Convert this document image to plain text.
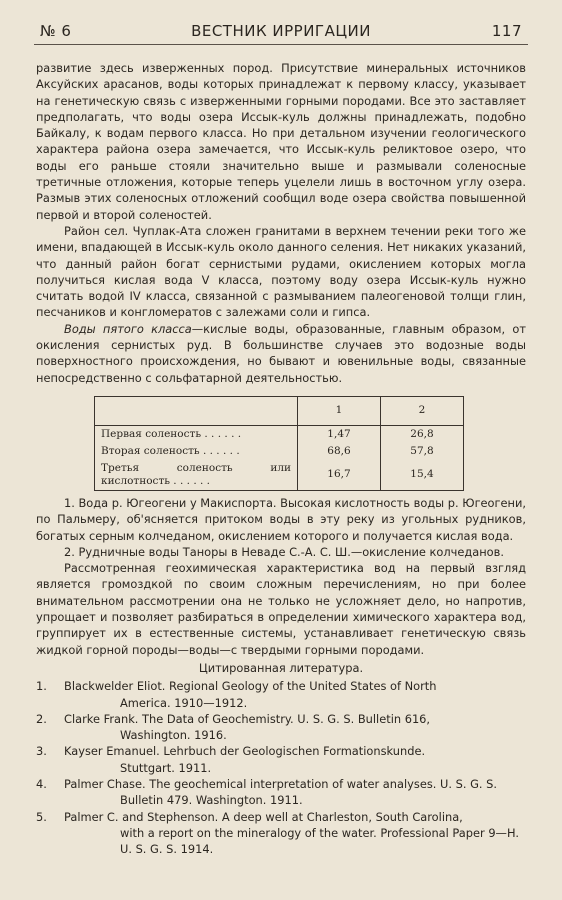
№ 6	ВЕСТНИК ИРРИГАЦИИ	117

развитие здесь изверженных пород. Присутствие минеральных источников Аксуйских арасанов, воды которых принадлежат к первому классу, указывает на генетическую связь с изверженными горными породами. Все это заставляет предполагать, что воды озера Иссык-куль должны принадлежать, подобно Байкалу, к водам первого класса. Но при детальном изучении геологического характера района озера замечается, что Иссык-куль реликтовое озеро, что воды его раньше стояли значительно выше и размывали соленосные третичные отложения, которые теперь уцелели лишь в восточном углу озера. Размыв этих соленосных отложений сообщил воде озера свойства повышенной первой и второй соленостей.

Район сел. Чуплак-Ата сложен гранитами в верхнем течении реки того же имени, впадающей в Иссык-куль около данного селения. Нет никаких указаний, что данный район богат сернистыми рудами, окислением которых могла получиться кислая вода V класса, поэтому воду озера Иссык-куль нужно считать водой IV класса, связанной с размыванием палеогеновой толщи глин, песчаников и конгломератов с залежами соли и гипса.

Воды пятого класса—кислые воды, образованные, главным образом, от окисления сернистых руд. В большинстве случаев это водозные воды поверхностного происхождения, но бывают и ювенильные воды, связанные непосредственно с сольфатарной деятельностью.

	1	2
Первая соленость . . . . . .	1,47	26,8
Вторая соленость . . . . . .	68,6	57,8
Третья соленость или кислотность . . . . . .	16,7	15,4

1. Вода р. Югеогени у Макиспорта. Высокая кислотность воды р. Югеогени, по Пальмеру, об'ясняется притоком воды в эту реку из угольных рудников, богатых серным колчеданом, окислением которого и получается кислая вода.

2. Рудничные воды Таноры в Неваде С.-А. С. Ш.—окисление колчеданов.

Рассмотренная геохимическая характеристика вод на первый взгляд является громоздкой по своим сложным перечислениям, но при более внимательном рассмотрении она не только не усложняет дело, но напротив, упрощает и позволяет разбираться в определении химического характера вод, группирует их в естественные системы, устанавливает генетическую связь жидкой горной породы—воды—с твердыми горными породами.

Цитированная литература.

1.	Blackwelder Eliot. Regional Geology of the United States of North
America. 1910—1912.
2.	Clarke Frank. The Data of Geochemistry. U. S. G. S. Bulletin 616,
Washington. 1916.
3.	Kayser Emanuel. Lehrbuch der Geologischen Formationskunde.
Stuttgart. 1911.
4.	Palmer Chase. The geochemical interpretation of water analyses. U. S. G. S.
Bulletin 479. Washington. 1911.
5.	Palmer C. and Stephenson. A deep well at Charleston, South Carolina,
with a report on the mineralogy of the water. Professional Paper 9—H. U. S. G. S. 1914.
